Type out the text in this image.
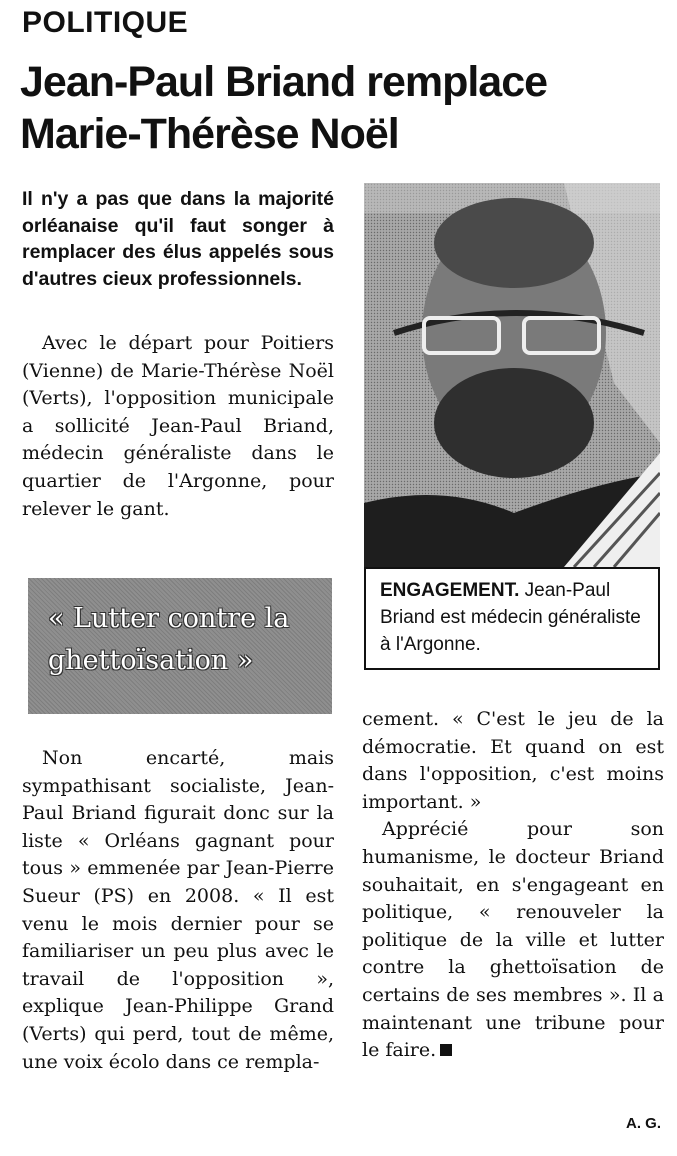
POLITIQUE
Jean-Paul Briand remplace Marie-Thérèse Noël
Il n'y a pas que dans la majorité orléanaise qu'il faut songer à remplacer des élus appelés sous d'autres cieux professionnels.

Avec le départ pour Poitiers (Vienne) de Marie-Thérèse Noël (Verts), l'opposition municipale a sollicité Jean-Paul Briand, médecin généraliste dans le quartier de l'Argonne, pour relever le gant.

« Lutter contre la ghettoïsation »

Non encarté, mais sympathisant socialiste, Jean-Paul Briand figurait donc sur la liste « Orléans gagnant pour tous » emmenée par Jean-Pierre Sueur (PS) en 2008. « Il est venu le mois dernier pour se familiariser un peu plus avec le travail de l'opposition », explique Jean-Philippe Grand (Verts) qui perd, tout de même, une voix écolo dans ce rempla-

ENGAGEMENT. Jean-Paul Briand est médecin généraliste à l'Argonne.

cement. « C'est le jeu de la démocratie. Et quand on est dans l'opposition, c'est moins important. »

Apprécié pour son humanisme, le docteur Briand souhaitait, en s'engageant en politique, « renouveler la politique de la ville et lutter contre la ghettoïsation de certains de ses membres ». Il a maintenant une tribune pour le faire.

A. G.
